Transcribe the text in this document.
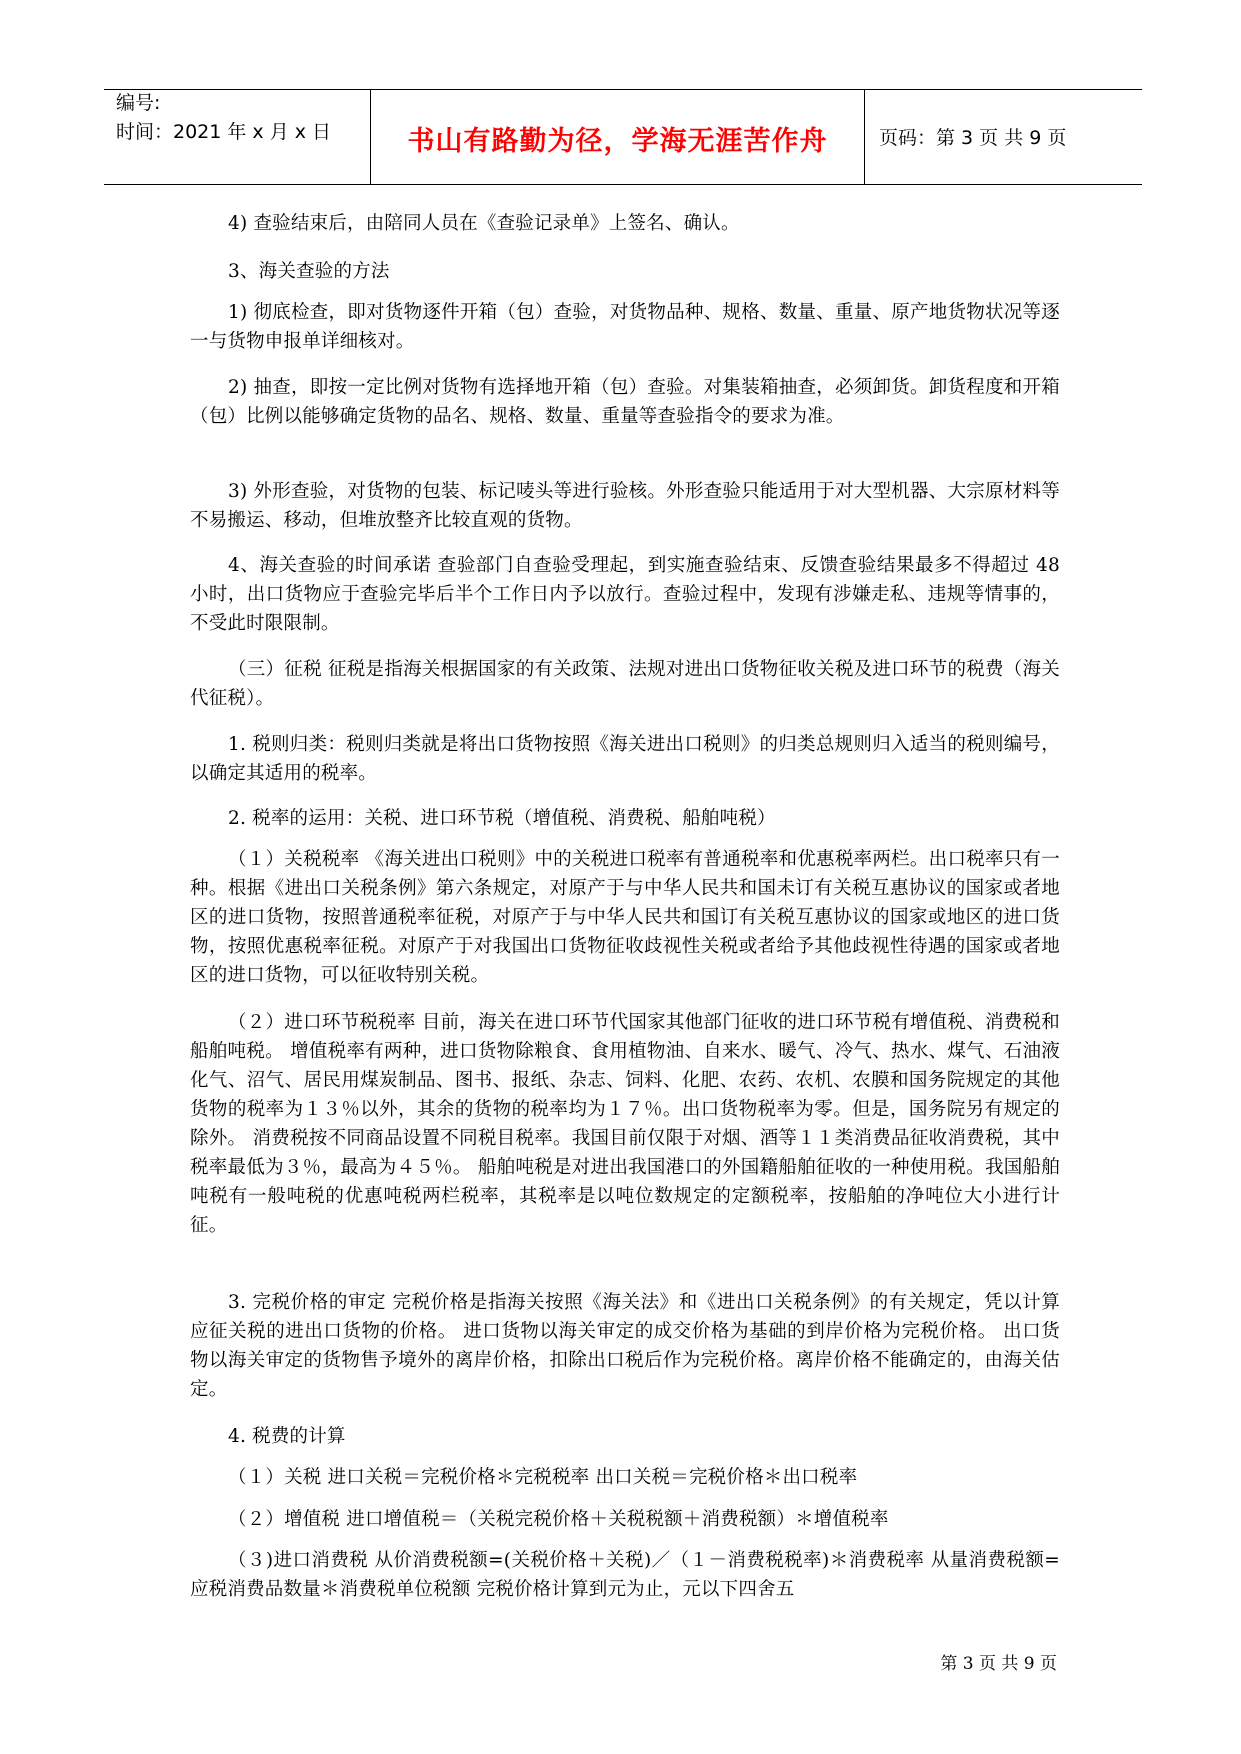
编号:
时间：2021 年 x 月 x 日	书山有路勤为径，学海无涯苦作舟	页码：第 3 页 共 9 页
4) 查验结束后，由陪同人员在《查验记录单》上签名、确认。
3、海关查验的方法
1) 彻底检查，即对货物逐件开箱（包）查验，对货物品种、规格、数量、重量、原产地货物状况等逐一与货物申报单详细核对。
2) 抽查，即按一定比例对货物有选择地开箱（包）查验。对集装箱抽查，必须卸货。卸货程度和开箱（包）比例以能够确定货物的品名、规格、数量、重量等查验指令的要求为准。
3) 外形查验，对货物的包装、标记唛头等进行验核。外形查验只能适用于对大型机器、大宗原材料等不易搬运、移动，但堆放整齐比较直观的货物。
4、海关查验的时间承诺 查验部门自查验受理起，到实施查验结束、反馈查验结果最多不得超过 48 小时，出口货物应于查验完毕后半个工作日内予以放行。查验过程中，发现有涉嫌走私、违规等情事的，不受此时限限制。
（三）征税 征税是指海关根据国家的有关政策、法规对进出口货物征收关税及进口环节的税费（海关代征税）。
1. 税则归类：税则归类就是将出口货物按照《海关进出口税则》的归类总规则归入适当的税则编号，以确定其适用的税率。
2. 税率的运用：关税、进口环节税（增值税、消费税、船舶吨税）
（１）关税税率 《海关进出口税则》中的关税进口税率有普通税率和优惠税率两栏。出口税率只有一种。根据《进出口关税条例》第六条规定，对原产于与中华人民共和国未订有关税互惠协议的国家或者地区的进口货物，按照普通税率征税，对原产于与中华人民共和国订有关税互惠协议的国家或地区的进口货物，按照优惠税率征税。对原产于对我国出口货物征收歧视性关税或者给予其他歧视性待遇的国家或者地区的进口货物，可以征收特别关税。
（２）进口环节税税率 目前，海关在进口环节代国家其他部门征收的进口环节税有增值税、消费税和船舶吨税。 增值税率有两种，进口货物除粮食、食用植物油、自来水、暖气、冷气、热水、煤气、石油液化气、沼气、居民用煤炭制品、图书、报纸、杂志、饲料、化肥、农药、农机、农膜和国务院规定的其他货物的税率为１３％以外，其余的货物的税率均为１７％。出口货物税率为零。但是，国务院另有规定的除外。 消费税按不同商品设置不同税目税率。我国目前仅限于对烟、酒等１１类消费品征收消费税，其中税率最低为３％，最高为４５％。 船舶吨税是对进出我国港口的外国籍船舶征收的一种使用税。我国船舶吨税有一般吨税的优惠吨税两栏税率，其税率是以吨位数规定的定额税率，按船舶的净吨位大小进行计征。
3. 完税价格的审定 完税价格是指海关按照《海关法》和《进出口关税条例》的有关规定，凭以计算应征关税的进出口货物的价格。 进口货物以海关审定的成交价格为基础的到岸价格为完税价格。 出口货物以海关审定的货物售予境外的离岸价格，扣除出口税后作为完税价格。离岸价格不能确定的，由海关估定。
4. 税费的计算
（１）关税 进口关税＝完税价格＊完税税率 出口关税＝完税价格＊出口税率
（２）增值税 进口增值税＝（关税完税价格＋关税税额＋消费税额）＊增值税率
（３)进口消费税 从价消费税额=(关税价格＋关税)／（１－消费税税率)＊消费税率 从量消费税额=应税消费品数量＊消费税单位税额 完税价格计算到元为止，元以下四舍五
第 3 页 共 9 页
